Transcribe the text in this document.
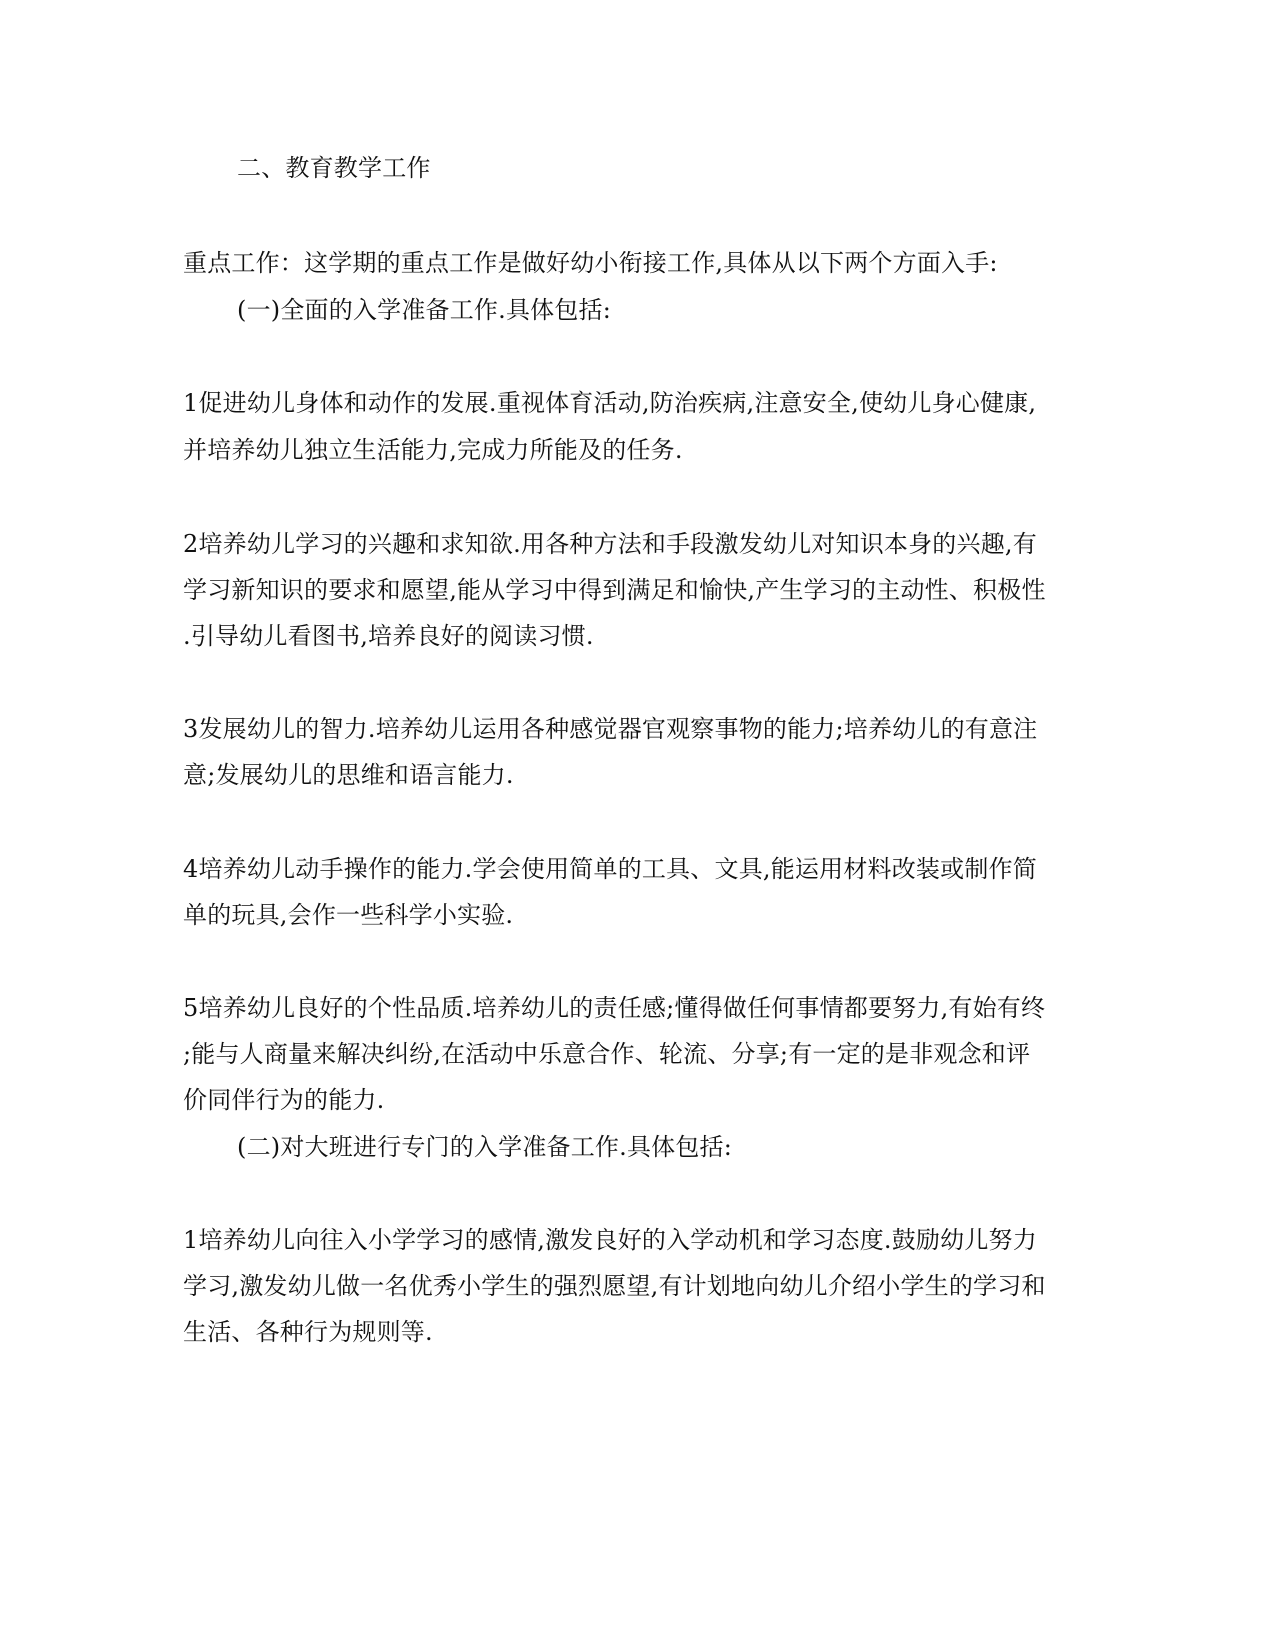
二、教育教学工作
重点工作：这学期的重点工作是做好幼小衔接工作,具体从以下两个方面入手:
(一)全面的入学准备工作.具体包括:
1促进幼儿身体和动作的发展.重视体育活动,防治疾病,注意安全,使幼儿身心健康,
并培养幼儿独立生活能力,完成力所能及的任务.
2培养幼儿学习的兴趣和求知欲.用各种方法和手段激发幼儿对知识本身的兴趣,有
学习新知识的要求和愿望,能从学习中得到满足和愉快,产生学习的主动性、积极性
.引导幼儿看图书,培养良好的阅读习惯.
3发展幼儿的智力.培养幼儿运用各种感觉器官观察事物的能力;培养幼儿的有意注
意;发展幼儿的思维和语言能力.
4培养幼儿动手操作的能力.学会使用简单的工具、文具,能运用材料改装或制作简
单的玩具,会作一些科学小实验.
5培养幼儿良好的个性品质.培养幼儿的责任感;懂得做任何事情都要努力,有始有终
;能与人商量来解决纠纷,在活动中乐意合作、轮流、分享;有一定的是非观念和评
价同伴行为的能力.
(二)对大班进行专门的入学准备工作.具体包括:
1培养幼儿向往入小学学习的感情,激发良好的入学动机和学习态度.鼓励幼儿努力
学习,激发幼儿做一名优秀小学生的强烈愿望,有计划地向幼儿介绍小学生的学习和
生活、各种行为规则等.
